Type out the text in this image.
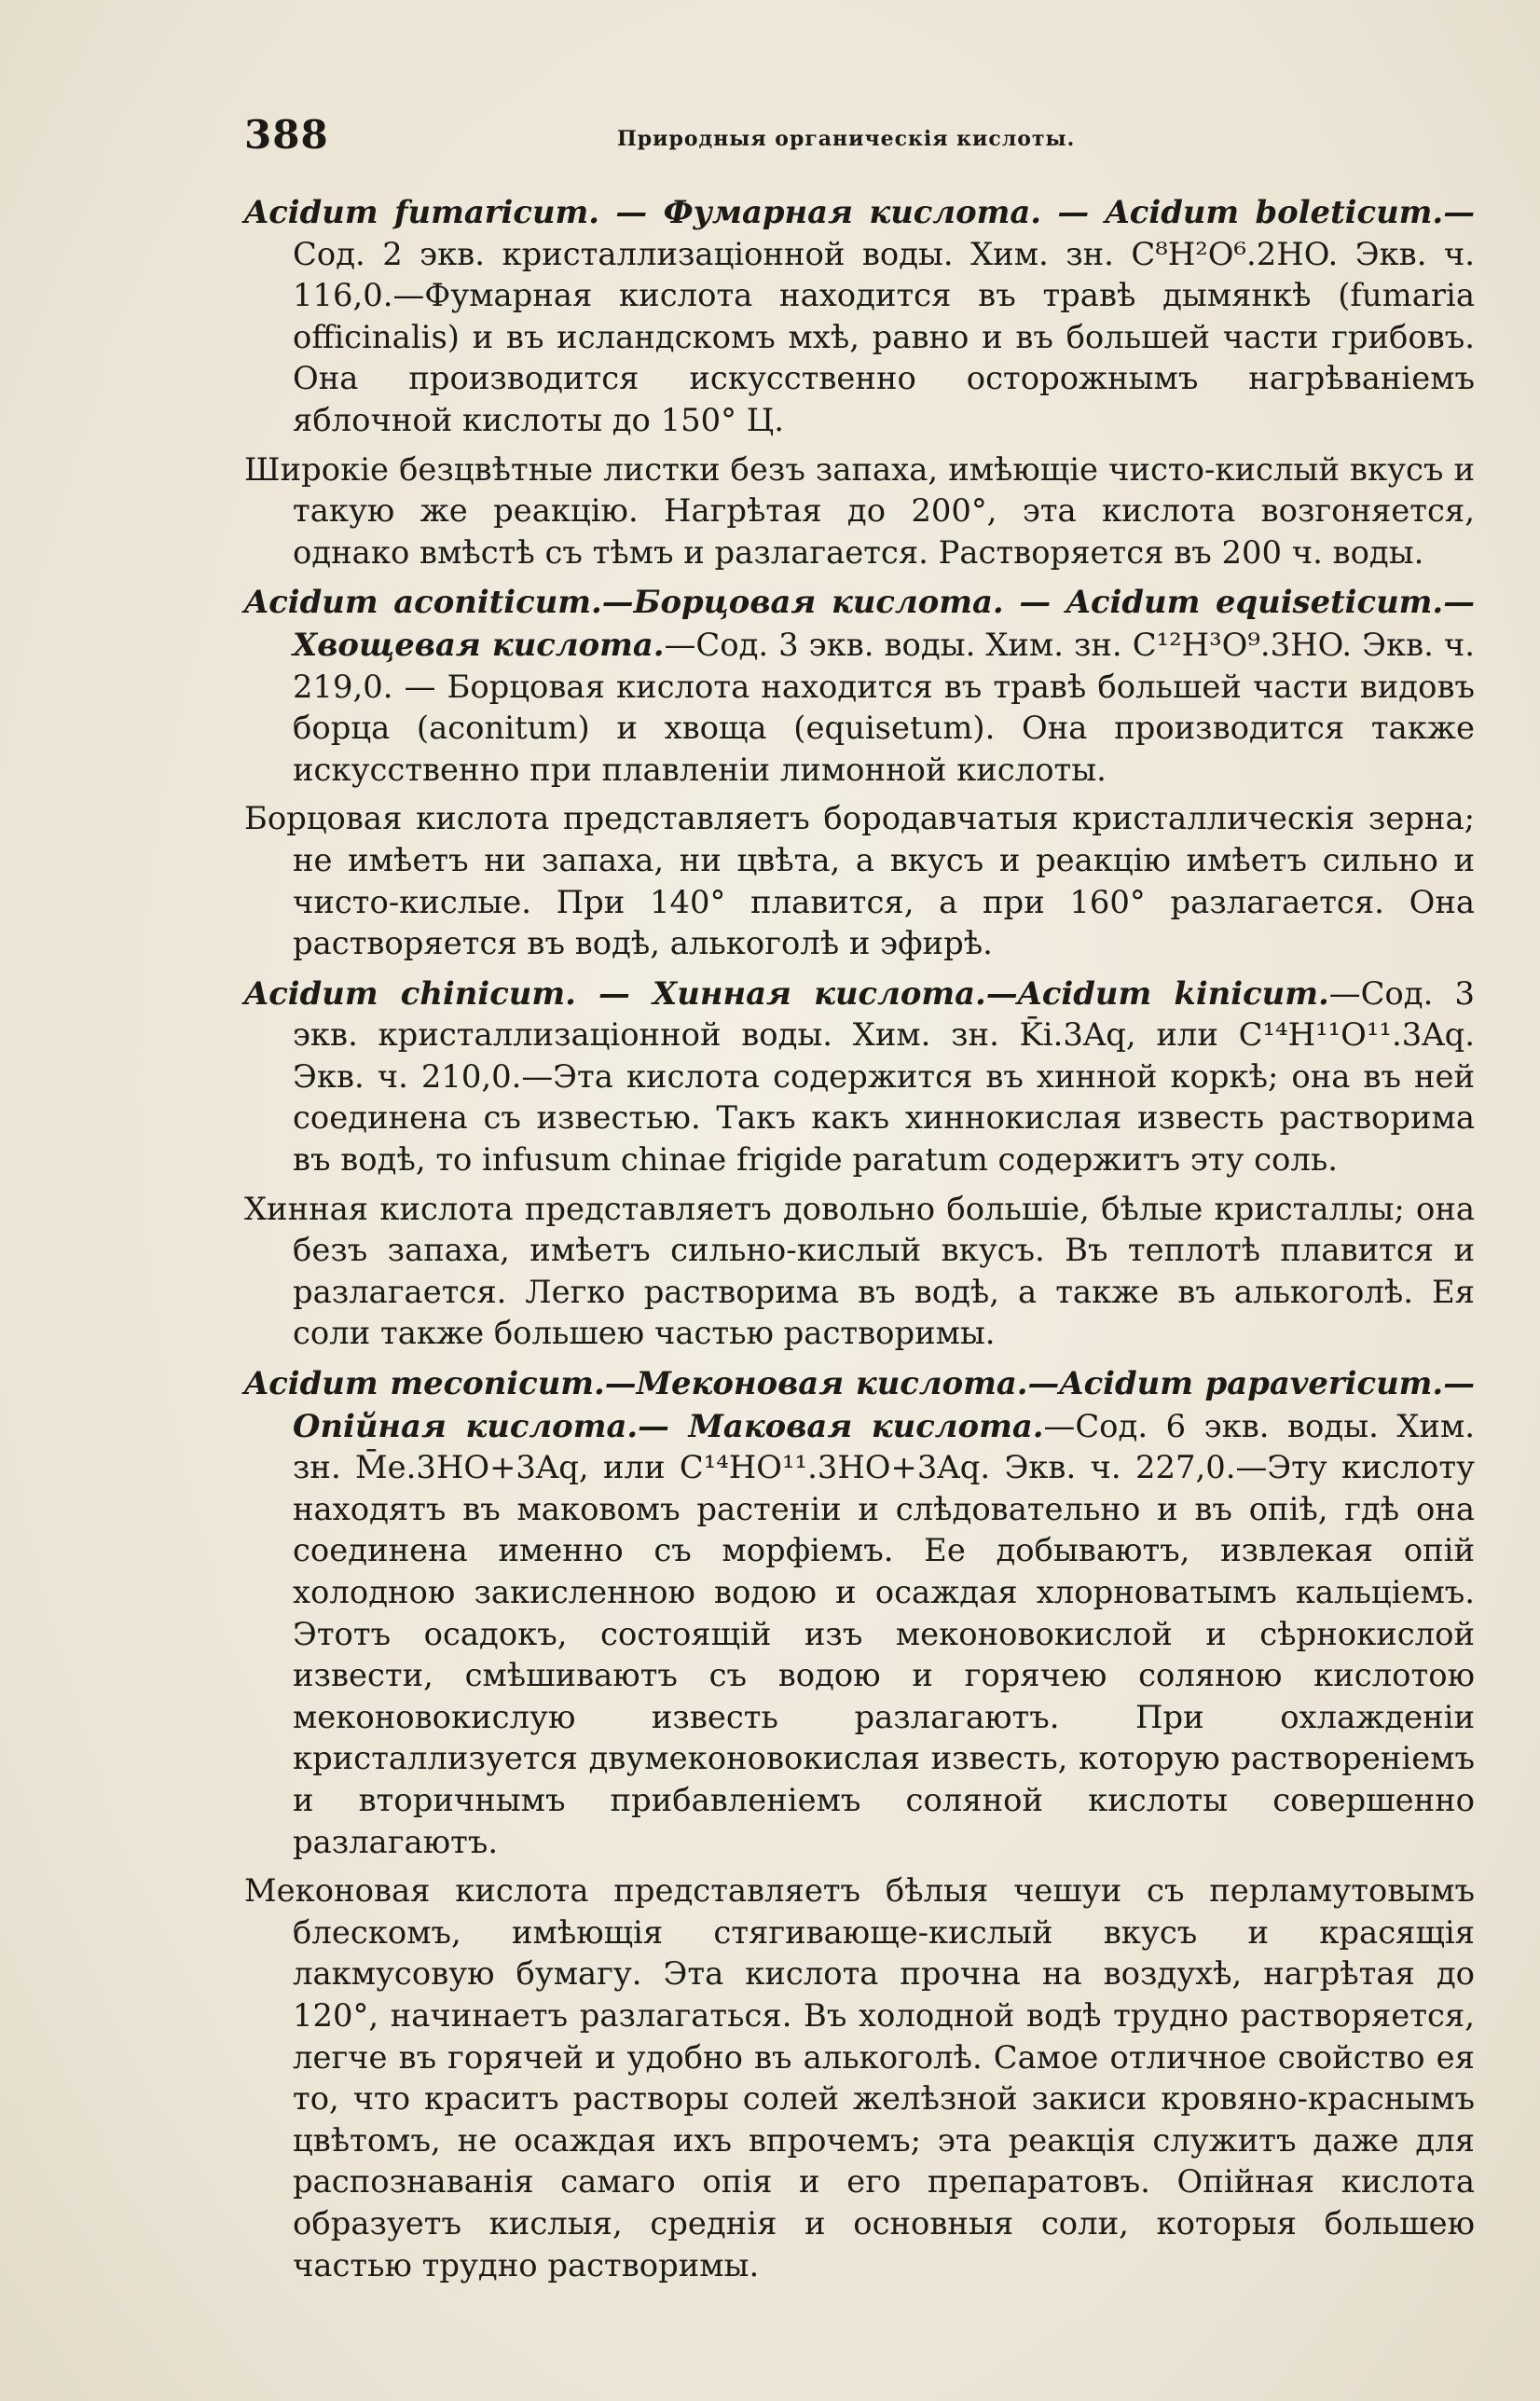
388	Природныя органическія кислоты.

Acidum fumaricum. — Фумарная кислота. — Acidum boleticum.— Сод. 2 экв. кристаллизаціонной воды. Хим. зн. C⁸H²O⁶.2HO. Экв. ч. 116,0.—Фумарная кислота находится въ травѣ дымянкѣ (fumaria officinalis) и въ исландскомъ мхѣ, равно и въ большей части грибовъ. Она производится искусственно осторожнымъ нагрѣваніемъ яблочной кислоты до 150° Ц.

Широкіе безцвѣтные листки безъ запаха, имѣющіе чисто-кислый вкусъ и такую же реакцію. Нагрѣтая до 200°, эта кислота возгоняется, однако вмѣстѣ съ тѣмъ и разлагается. Растворяется въ 200 ч. воды.

Acidum aconiticum.—Борцовая кислота. — Acidum equiseticum.— Хвощевая кислота.—Сод. 3 экв. воды. Хим. зн. C¹²H³O⁹.3HO. Экв. ч. 219,0. — Борцовая кислота находится въ травѣ большей части видовъ борца (aconitum) и хвоща (equisetum). Она производится также искусственно при плавленіи лимонной кислоты.

Борцовая кислота представляетъ бородавчатыя кристаллическія зерна; не имѣетъ ни запаха, ни цвѣта, а вкусъ и реакцію имѣетъ сильно и чисто-кислые. При 140° плавится, а при 160° разлагается. Она растворяется въ водѣ, алькоголѣ и эфирѣ.

Acidum chinicum. — Хинная кислота.—Acidum kinicum.—Сод. 3 экв. кристаллизаціонной воды. Хим. зн. K̄i.3Aq, или C¹⁴H¹¹O¹¹.3Aq. Экв. ч. 210,0.—Эта кислота содержится въ хинной коркѣ; она въ ней соединена съ известью. Такъ какъ хиннокислая известь растворима въ водѣ, то infusum chinae frigide paratum содержитъ эту соль.

Хинная кислота представляетъ довольно большіе, бѣлые кристаллы; она безъ запаха, имѣетъ сильно-кислый вкусъ. Въ теплотѣ плавится и разлагается. Легко растворима въ водѣ, а также въ алькоголѣ. Ея соли также большею частью растворимы.

Acidum meconicum.—Меконовая кислота.—Acidum papavericum.— Опійная кислота.— Маковая кислота.—Сод. 6 экв. воды. Хим. зн. M̄e.3HO+3Aq, или C¹⁴HO¹¹.3HO+3Aq. Экв. ч. 227,0.—Эту кислоту находятъ въ маковомъ растеніи и слѣдовательно и въ опіѣ, гдѣ она соединена именно съ морфіемъ. Ее добываютъ, извлекая опій холодною закисленною водою и осаждая хлорноватымъ кальціемъ. Этотъ осадокъ, состоящій изъ меконовокислой и сѣрнокислой извести, смѣшиваютъ съ водою и горячею соляною кислотою меконовокислую известь разлагаютъ. При охлажденіи кристаллизуется двумеконовокислая известь, которую раствореніемъ и вторичнымъ прибавленіемъ соляной кислоты совершенно разлагаютъ.

Меконовая кислота представляетъ бѣлыя чешуи съ перламутовымъ блескомъ, имѣющія стягивающе-кислый вкусъ и красящія лакмусовую бумагу. Эта кислота прочна на воздухѣ, нагрѣтая до 120°, начинаетъ разлагаться. Въ холодной водѣ трудно растворяется, легче въ горячей и удобно въ алькоголѣ. Самое отличное свойство ея то, что краситъ растворы солей желѣзной закиси кровяно-краснымъ цвѣтомъ, не осаждая ихъ впрочемъ; эта реакція служитъ даже для распознаванія самаго опія и его препаратовъ. Опійная кислота образуетъ кислыя, среднія и основныя соли, которыя большею частью трудно растворимы.
